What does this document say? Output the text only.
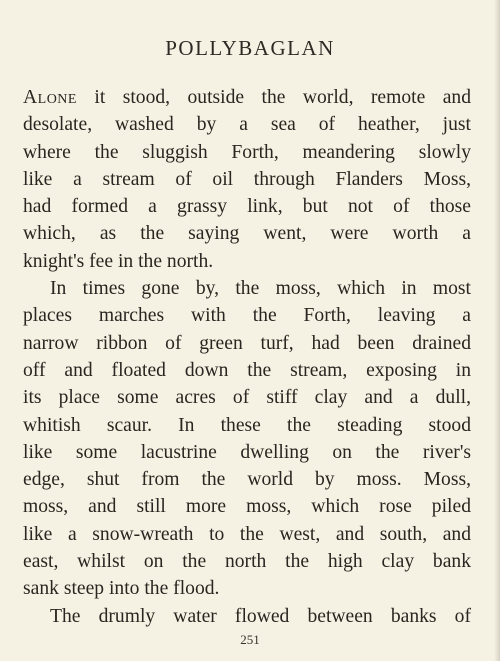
POLLYBAGLAN
Alone it stood, outside the world, remote and
desolate, washed by a sea of heather, just
where the sluggish Forth, meandering slowly
like a stream of oil through Flanders Moss,
had formed a grassy link, but not of those
which, as the saying went, were worth a
knight's fee in the north.
In times gone by, the moss, which in most
places marches with the Forth, leaving a
narrow ribbon of green turf, had been drained
off and floated down the stream, exposing in
its place some acres of stiff clay and a dull,
whitish scaur. In these the steading stood
like some lacustrine dwelling on the river's
edge, shut from the world by moss. Moss,
moss, and still more moss, which rose piled
like a snow-wreath to the west, and south, and
east, whilst on the north the high clay bank
sank steep into the flood.
The drumly water flowed between banks of
251
